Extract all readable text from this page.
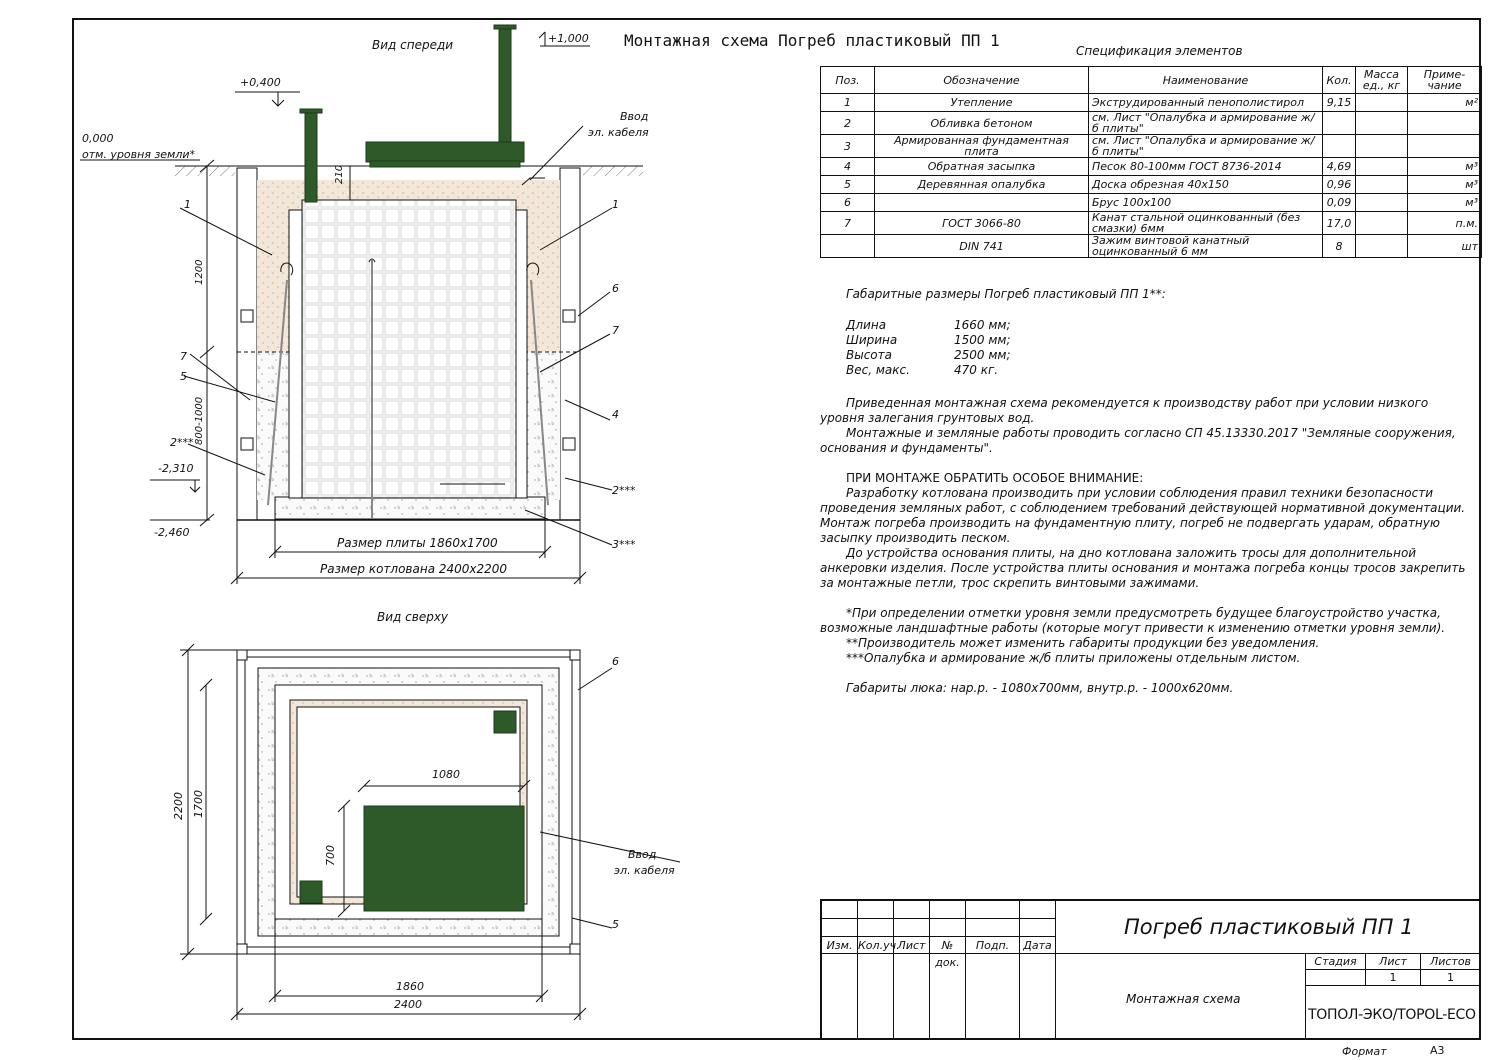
Монтажная схема Погреб пластиковый ПП 1
Вид спереди
Вид сверху
+1,000
+0,400
0,000
отм. уровня земли*
Ввод
эл. кабеля
210
1200
800-1000
-2,310
-2,460
Размер плиты 1860х1700
Размер котлована 2400х2200
1	1
6
7
7
5
4
2***
2***
3***
1080
700
2200 1700
1860
2400
Ввод
эл. кабеля
6
5
Спецификация элементов
Поз.	Обозначение	Наименование	Кол.	Масса ед., кг	Приме-чание
1	Утепление	Экструдированный пенополистирол	9,15		м²
2	Обливка бетоном	см. Лист "Опалубка и армирование ж/б плиты"			
3	Армированная фундаментная плита	см. Лист "Опалубка и армирование ж/б плиты"			
4	Обратная засыпка	Песок 80-100мм ГОСТ 8736-2014	4,69		м³
5	Деревянная опалубка	Доска обрезная 40х150	0,96		м³
6		Брус 100х100	0,09		м³
7	ГОСТ 3066-80	Канат стальной оцинкованный (без смазки) 6мм	17,0		п.м.
	DIN 741	Зажим винтовой канатный оцинкованный 6 мм	8		шт
Габаритные размеры Погреб пластиковый ПП 1**:
Длина	1660 мм;
Ширина	1500 мм;
Высота	2500 мм;
Вес, макс.	470 кг.

Приведенная монтажная схема рекомендуется к производству работ при условии низкого уровня залегания грунтовых вод.

Монтажные и земляные работы проводить согласно СП 45.13330.2017 "Земляные сооружения, основания и фундаменты".

ПРИ МОНТАЖЕ ОБРАТИТЬ ОСОБОЕ ВНИМАНИЕ:

Разработку котлована производить при условии соблюдения правил техники безопасности проведения земляных работ, с соблюдением требований действующей нормативной документации. Монтаж погреба производить на фундаментную плиту, погреб не подвергать ударам, обратную засыпку производить песком.

До устройства основания плиты, на дно котлована заложить тросы для дополнительной анкеровки изделия. После устройства плиты основания и монтажа погреба концы тросов закрепить за монтажные петли, трос скрепить винтовыми зажимами.

*При определении отметки уровня земли предусмотреть будущее благоустройство участка, возможные ландшафтные работы (которые могут привести к изменению отметки уровня земли).

**Производитель может изменить габариты продукции без уведомления.

***Опалубка и армирование ж/б плиты приложены отдельным листом.

Габариты люка: нар.р. - 1080х700мм, внутр.р. - 1000х620мм.

Изм. Кол.уч.
Лист	№ док.
Подп.	Дата
Погреб пластиковый ПП 1
Монтажная схема
Стадия	Лист	Листов
1	1
ТОПОЛ-ЭКО/TOPOL-ECO
Формат	А3
